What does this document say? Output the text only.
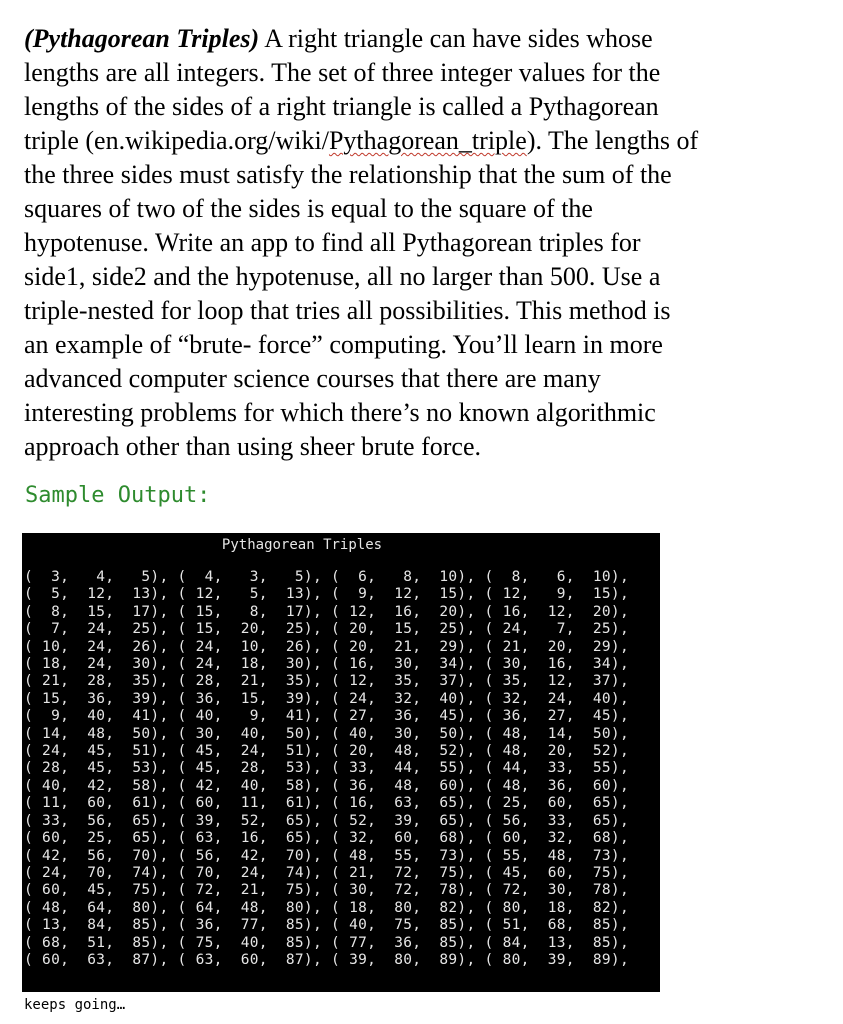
(Pythagorean Triples) A right triangle can have sides whose
lengths are all integers. The set of three integer values for the
lengths of the sides of a right triangle is called a Pythagorean
triple (en.wikipedia.org/wiki/Pythagorean_triple). The lengths of
the three sides must satisfy the relationship that the sum of the
squares of two of the sides is equal to the square of the
hypotenuse. Write an app to find all Pythagorean triples for
side1, side2 and the hypotenuse, all no larger than 500. Use a
triple-nested for loop that tries all possibilities. This method is
an example of “brute- force” computing. You’ll learn in more
advanced computer science courses that there are many
interesting problems for which there’s no known algorithmic
approach other than using sheer brute force.
Sample Output:
Pythagorean Triples
(  3,   4,   5), (  4,   3,   5), (  6,   8,  10), (  8,   6,  10),
(  5,  12,  13), ( 12,   5,  13), (  9,  12,  15), ( 12,   9,  15),
(  8,  15,  17), ( 15,   8,  17), ( 12,  16,  20), ( 16,  12,  20),
(  7,  24,  25), ( 15,  20,  25), ( 20,  15,  25), ( 24,   7,  25),
( 10,  24,  26), ( 24,  10,  26), ( 20,  21,  29), ( 21,  20,  29),
( 18,  24,  30), ( 24,  18,  30), ( 16,  30,  34), ( 30,  16,  34),
( 21,  28,  35), ( 28,  21,  35), ( 12,  35,  37), ( 35,  12,  37),
( 15,  36,  39), ( 36,  15,  39), ( 24,  32,  40), ( 32,  24,  40),
(  9,  40,  41), ( 40,   9,  41), ( 27,  36,  45), ( 36,  27,  45),
( 14,  48,  50), ( 30,  40,  50), ( 40,  30,  50), ( 48,  14,  50),
( 24,  45,  51), ( 45,  24,  51), ( 20,  48,  52), ( 48,  20,  52),
( 28,  45,  53), ( 45,  28,  53), ( 33,  44,  55), ( 44,  33,  55),
( 40,  42,  58), ( 42,  40,  58), ( 36,  48,  60), ( 48,  36,  60),
( 11,  60,  61), ( 60,  11,  61), ( 16,  63,  65), ( 25,  60,  65),
( 33,  56,  65), ( 39,  52,  65), ( 52,  39,  65), ( 56,  33,  65),
( 60,  25,  65), ( 63,  16,  65), ( 32,  60,  68), ( 60,  32,  68),
( 42,  56,  70), ( 56,  42,  70), ( 48,  55,  73), ( 55,  48,  73),
( 24,  70,  74), ( 70,  24,  74), ( 21,  72,  75), ( 45,  60,  75),
( 60,  45,  75), ( 72,  21,  75), ( 30,  72,  78), ( 72,  30,  78),
( 48,  64,  80), ( 64,  48,  80), ( 18,  80,  82), ( 80,  18,  82),
( 13,  84,  85), ( 36,  77,  85), ( 40,  75,  85), ( 51,  68,  85),
( 68,  51,  85), ( 75,  40,  85), ( 77,  36,  85), ( 84,  13,  85),
( 60,  63,  87), ( 63,  60,  87), ( 39,  80,  89), ( 80,  39,  89),
keeps going…
